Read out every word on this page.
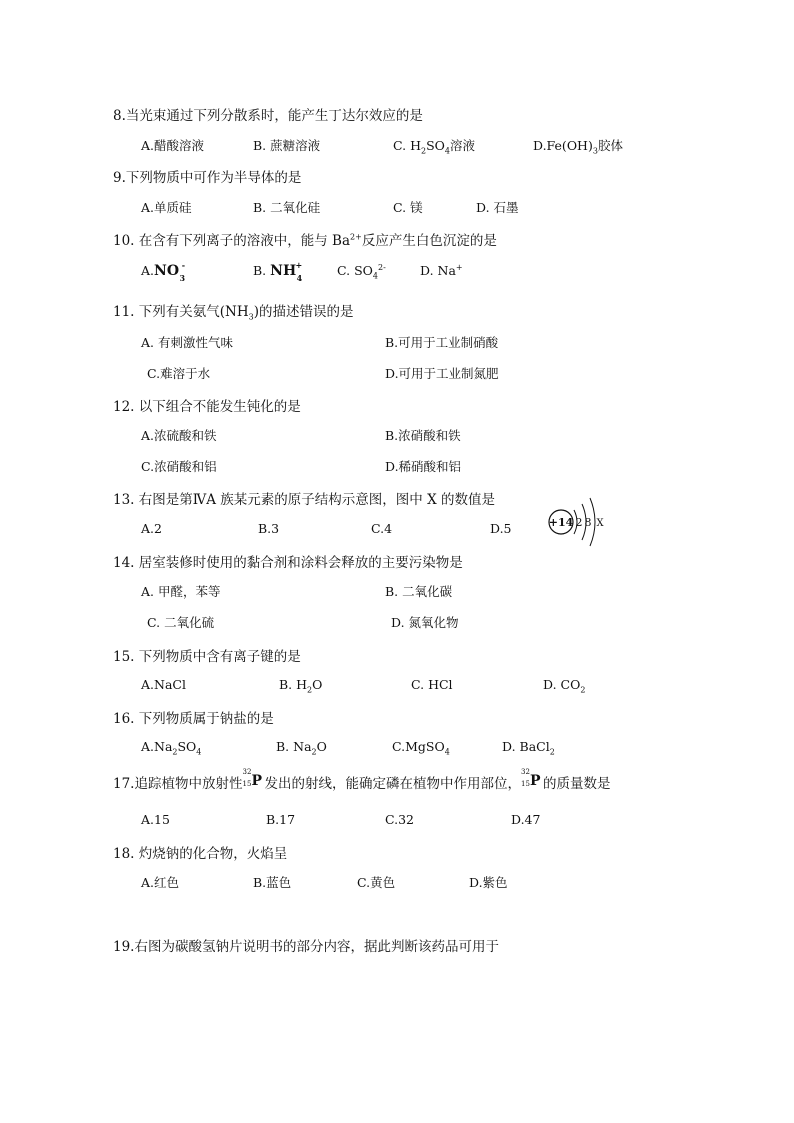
8.当光束通过下列分散系时，能产生丁达尔效应的是
A.醋酸溶液	B. 蔗糖溶液	C. $H_2SO_4$溶液	$D.Fe(OH)_3$胶体
9.下列物质中可作为半导体的是
A.单质硅	B. 二氧化硅	C. 镁	D. 石墨
10. 在含有下列离子的溶液中，能与 $Ba^{2+}$反应产生白色沉淀的是
A.NO -
3	B. NH +
4	C. $SO_4^{2-}$	D. Na+
11. 下列有关氨气$(NH_3)$的描述错误的是
A. 有刺激性气味	B.可用于工业制硝酸
C.难溶于水	D.可用于工业制氮肥
12. 以下组合不能发生钝化的是
A.浓硫酸和铁	B.浓硝酸和铁
C.浓硝酸和铝	D.稀硝酸和铝
13. 右图是第ⅣA 族某元素的原子结构示意图，图中 X 的数值是
A.2	B.3	C.4	D.5	+14 2 8 X
14. 居室装修时使用的黏合剂和涂料会释放的主要污染物是
A. 甲醛，苯等	B. 二氧化碳
C. 二氧化硫	D. 氮氧化物
15. 下列物质中含有离子键的是
A.NaCl	B. $H_2O$	C. HCl	D. $CO_2$
16. 下列物质属于钠盐的是
$A.Na_2SO_4$	B. $Na_2O$	C.MgSO$_4$	D. BaCl$_2$
17.追踪植物中放射性
32
15 P 发出的射线，能确定磷在植物中作用部位，
32
15 P 的质量数是
A.15	B.17	C.32	D.47
18. 灼烧钠的化合物，火焰呈
A.红色	B.蓝色	C.黄色	D.紫色
19.右图为碳酸氢钠片说明书的部分内容，据此判断该药品可用于
